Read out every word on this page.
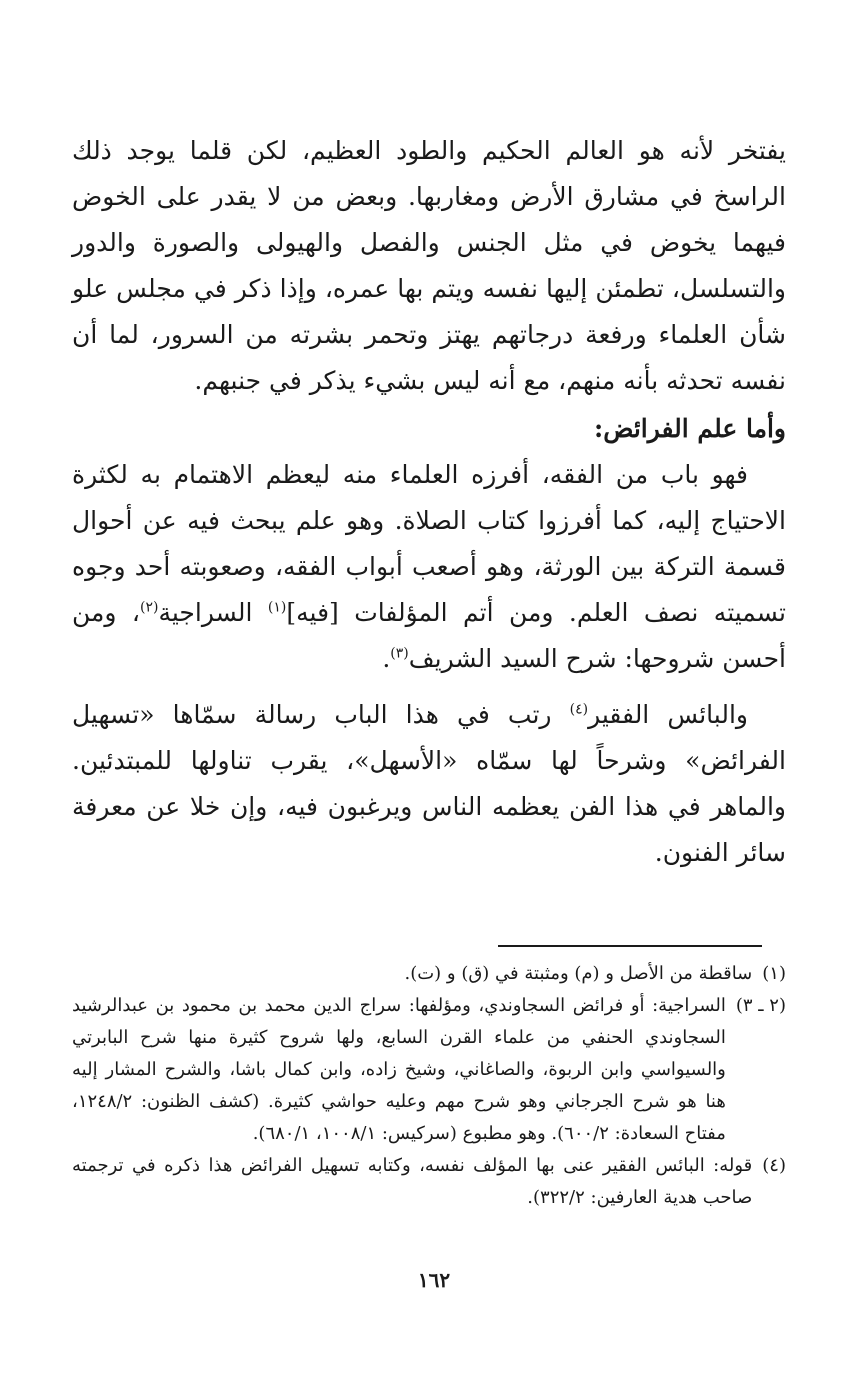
يفتخر لأنه هو العالم الحكيم والطود العظيم، لكن قلما يوجد ذلك الراسخ في مشارق الأرض ومغاربها. وبعض من لا يقدر على الخوض فيهما يخوض في مثل الجنس والفصل والهيولى والصورة والدور والتسلسل، تطمئن إليها نفسه ويتم بها عمره، وإذا ذكر في مجلس علو شأن العلماء ورفعة درجاتهم يهتز وتحمر بشرته من السرور، لما أن نفسه تحدثه بأنه منهم، مع أنه ليس بشيء يذكر في جنبهم.

وأما علم الفرائض:

فهو باب من الفقه، أفرزه العلماء منه ليعظم الاهتمام به لكثرة الاحتياج إليه، كما أفرزوا كتاب الصلاة. وهو علم يبحث فيه عن أحوال قسمة التركة بين الورثة، وهو أصعب أبواب الفقه، وصعوبته أحد وجوه تسميته نصف العلم. ومن أتم المؤلفات [فيه]$^{(١)}$ السراجية$^{(٢)}$، ومن أحسن شروحها: شرح السيد الشريف$^{(٣)}$.

والبائس الفقير$^{(٤)}$ رتب في هذا الباب رسالة سمّاها «تسهيل الفرائض» وشرحاً لها سمّاه «الأسهل»، يقرب تناولها للمبتدئين. والماهر في هذا الفن يعظمه الناس ويرغبون فيه، وإن خلا عن معرفة سائر الفنون.

(١)
ساقطة من الأصل و (م) ومثبتة في (ق) و (ت).
(٢ ـ ٣)
السراجية: أو فرائض السجاوندي، ومؤلفها: سراج الدين محمد بن محمود بن عبدالرشيد السجاوندي الحنفي من علماء القرن السابع، ولها شروح كثيرة منها شرح البابرتي والسيواسي وابن الربوة، والصاغاني، وشيخ زاده، وابن كمال باشا، والشرح المشار إليه هنا هو شرح الجرجاني وهو شرح مهم وعليه حواشي كثيرة. (كشف الظنون: ١٢٤٨/٢، مفتاح السعادة: ٦٠٠/٢). وهو مطبوع (سركيس: ١٠٠٨/١، ٦٨٠/١).
(٤)
قوله: البائس الفقير عنى بها المؤلف نفسه، وكتابه تسهيل الفرائض هذا ذكره في ترجمته صاحب هدية العارفين: ٣٢٢/٢).
١٦٢
